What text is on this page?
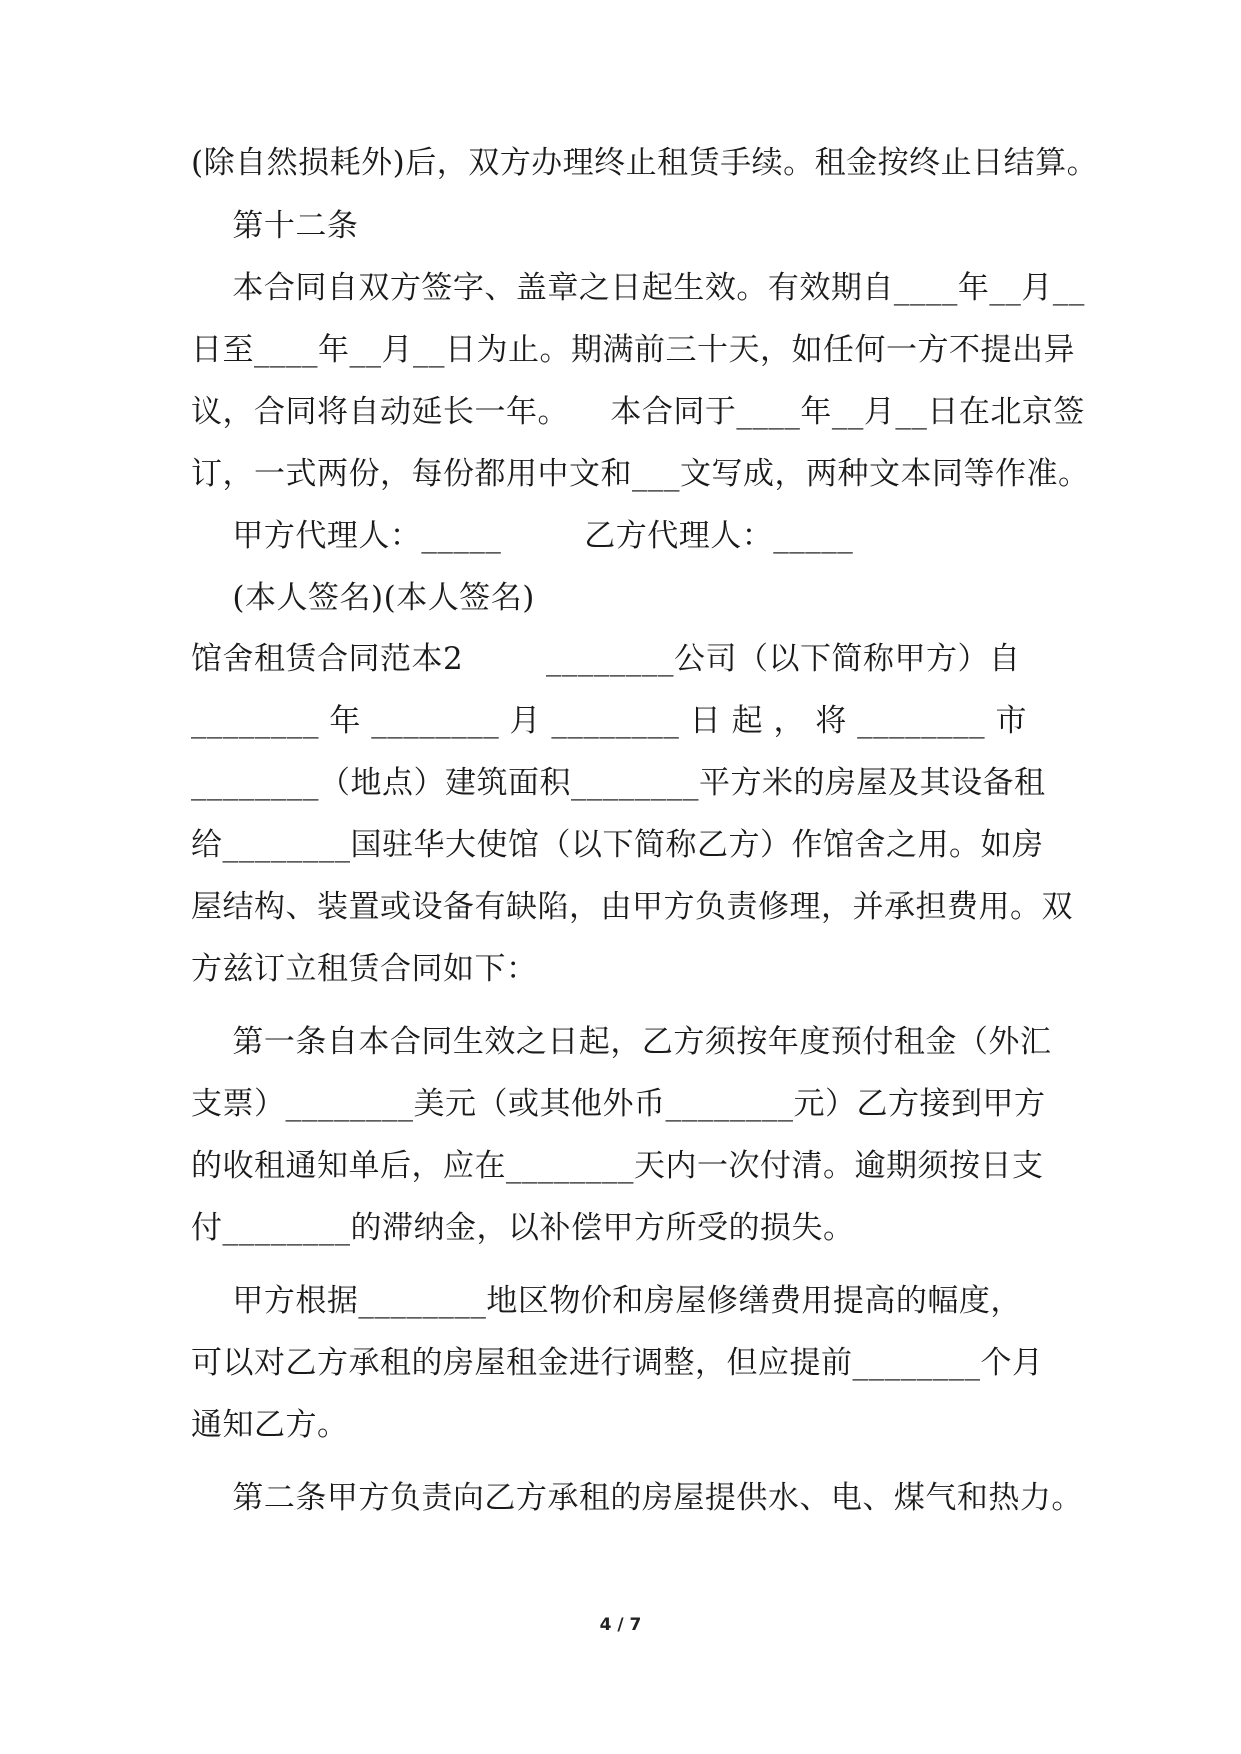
(除自然损耗外)后，双方办理终止租赁手续。租金按终止日结算。
第十二条
本合同自双方签字、盖章之日起生效。有效期自____年__月__
日至____年__月__日为止。期满前三十天，如任何一方不提出异
议，合同将自动延长一年。    本合同于____年__月__日在北京签
订，一式两份，每份都用中文和___文写成，两种文本同等作准。
甲方代理人：_____        乙方代理人：_____
(本人签名)(本人签名)
馆舍租赁合同范本2        ________公司（以下简称甲方）自
________ 年 ________ 月 ________ 日 起 ， 将 ________ 市
________（地点）建筑面积________平方米的房屋及其设备租
给________国驻华大使馆（以下简称乙方）作馆舍之用。如房
屋结构、装置或设备有缺陷，由甲方负责修理，并承担费用。双
方兹订立租赁合同如下：
第一条自本合同生效之日起，乙方须按年度预付租金（外汇
支票）________美元（或其他外币________元）乙方接到甲方
的收租通知单后，应在________天内一次付清。逾期须按日支
付________的滞纳金，以补偿甲方所受的损失。
甲方根据________地区物价和房屋修缮费用提高的幅度，
可以对乙方承租的房屋租金进行调整，但应提前________个月
通知乙方。
第二条甲方负责向乙方承租的房屋提供水、电、煤气和热力。
4 / 7
